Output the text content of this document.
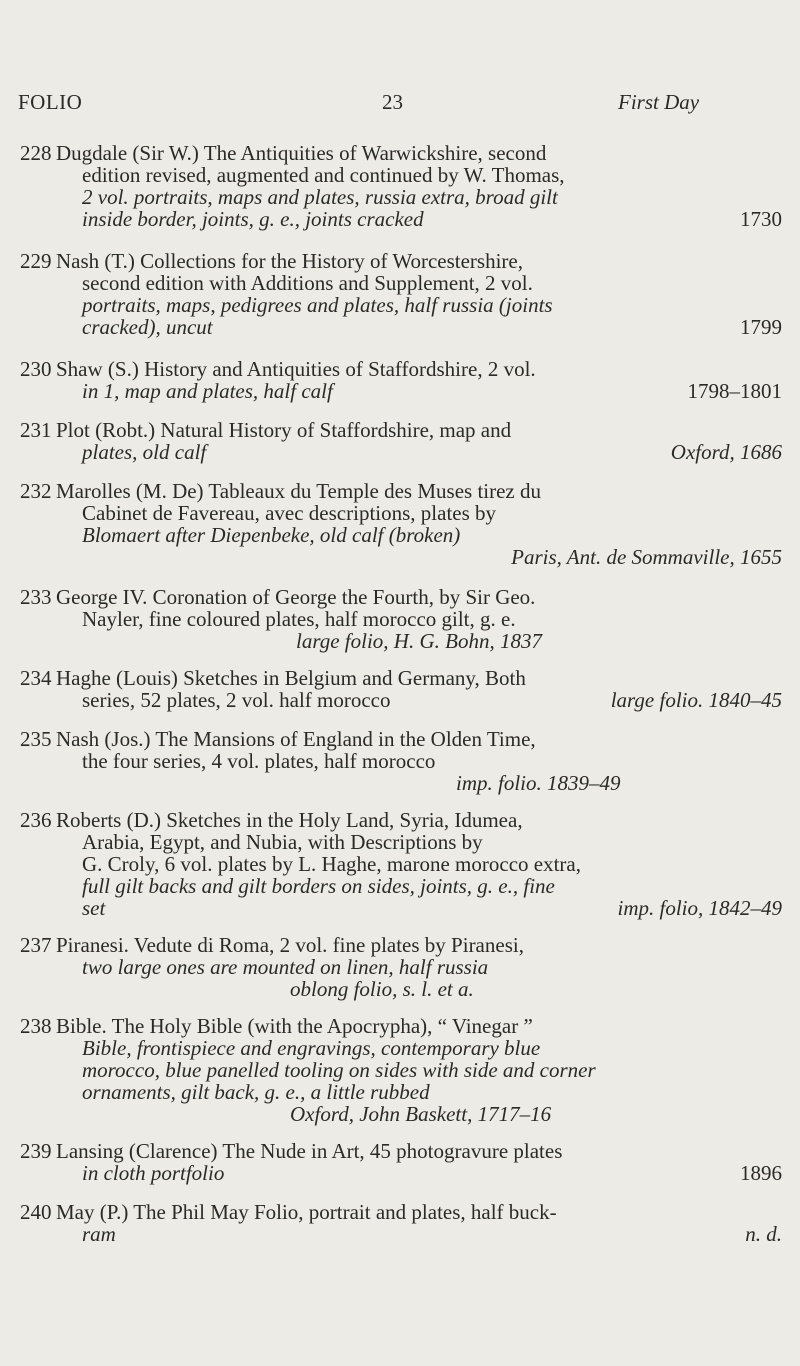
FOLIO	23	First Day
228 Dugdale (Sir W.) The Antiquities of Warwickshire, second
edition revised, augmented and continued by W. Thomas,
2 vol. portraits, maps and plates, russia extra, broad gilt
inside border, joints, g. e., joints cracked	1730
229 Nash (T.) Collections for the History of Worcestershire,
second edition with Additions and Supplement, 2 vol.
portraits, maps, pedigrees and plates, half russia (joints
cracked), uncut	1799
230 Shaw (S.) History and Antiquities of Staffordshire, 2 vol.
in 1, map and plates, half calf	1798–1801
231 Plot (Robt.) Natural History of Staffordshire, map and
plates, old calf	Oxford, 1686
232 Marolles (M. De) Tableaux du Temple des Muses tirez du
Cabinet de Favereau, avec descriptions, plates by
Blomaert after Diepenbeke, old calf (broken)
Paris, Ant. de Sommaville, 1655
233 George IV. Coronation of George the Fourth, by Sir Geo.
Nayler, fine coloured plates, half morocco gilt, g. e.
large folio, H. G. Bohn, 1837
234 Haghe (Louis) Sketches in Belgium and Germany, Both
series, 52 plates, 2 vol. half morocco	large folio. 1840–45
235 Nash (Jos.) The Mansions of England in the Olden Time,
the four series, 4 vol. plates, half morocco
imp. folio. 1839–49
236 Roberts (D.) Sketches in the Holy Land, Syria, Idumea,
Arabia, Egypt, and Nubia, with Descriptions by
G. Croly, 6 vol. plates by L. Haghe, marone morocco extra,
full gilt backs and gilt borders on sides, joints, g. e., fine
set	imp. folio, 1842–49
237 Piranesi. Vedute di Roma, 2 vol. fine plates by Piranesi,
two large ones are mounted on linen, half russia
oblong folio, s. l. et a.
238 Bible. The Holy Bible (with the Apocrypha), “ Vinegar ”
Bible, frontispiece and engravings, contemporary blue
morocco, blue panelled tooling on sides with side and corner
ornaments, gilt back, g. e., a little rubbed
Oxford, John Baskett, 1717–16
239 Lansing (Clarence) The Nude in Art, 45 photogravure plates
in cloth portfolio	1896
240 May (P.) The Phil May Folio, portrait and plates, half buck-
ram	n. d.
